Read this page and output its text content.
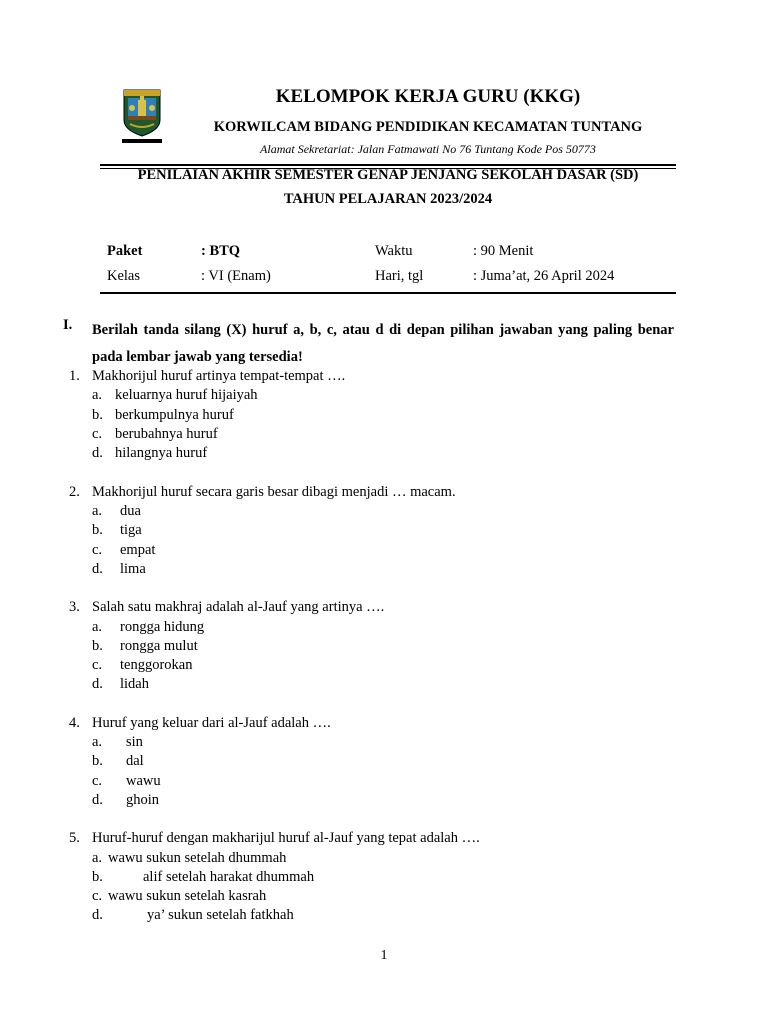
KELOMPOK KERJA GURU (KKG)
KORWILCAM BIDANG PENDIDIKAN KECAMATAN TUNTANG
Alamat Sekretariat: Jalan Fatmawati No 76 Tuntang Kode Pos 50773
PENILAIAN AKHIR SEMESTER GENAP JENJANG SEKOLAH DASAR (SD)
TAHUN PELAJARAN 2023/2024
Paket	: BTQ	Waktu	: 90 Menit
Kelas	: VI (Enam)	Hari, tgl	: Juma’at, 26 April 2024
I. Berilah tanda silang (X) huruf a, b, c, atau d di depan pilihan jawaban yang paling benar pada lembar jawab yang tersedia!
1. Makhorijul huruf artinya tempat-tempat ….
a. keluarnya huruf hijaiyah
b. berkumpulnya huruf
c. berubahnya huruf
d. hilangnya huruf
2. Makhorijul huruf secara garis besar dibagi menjadi … macam.
a. dua
b. tiga
c. empat
d. lima
3. Salah satu makhraj adalah al-Jauf yang artinya ….
a. rongga hidung
b. rongga mulut
c. tenggorokan
d. lidah
4. Huruf yang keluar dari al-Jauf adalah ….
a. sin
b. dal
c. wawu
d. ghoin
5. Huruf-huruf dengan makharijul huruf al-Jauf yang tepat adalah ….
a. wawu sukun setelah dhummah
b.	alif setelah harakat dhummah
c. wawu sukun setelah kasrah
d.	ya’ sukun setelah fatkhah
1
